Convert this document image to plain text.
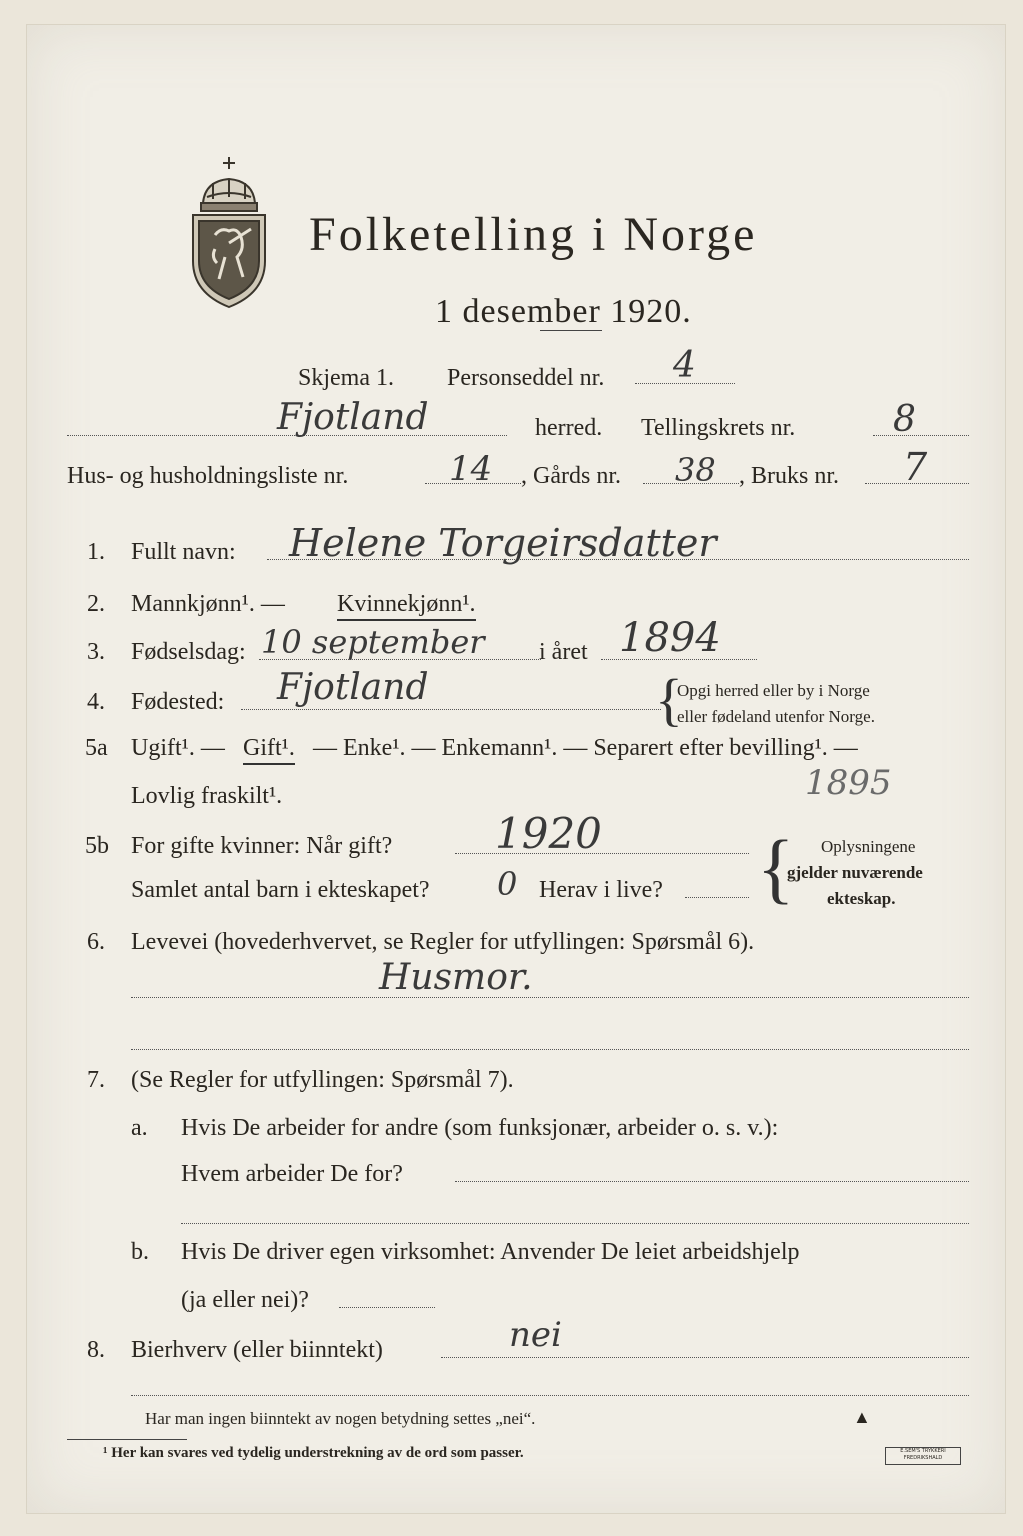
Folketelling i Norge
1 desember 1920.
Skjema 1. Personseddel nr. 4
Fjotland	herred. Tellingskrets nr.	8
Hus- og husholdningsliste nr.	14 , Gårds nr. 38 , Bruks nr. 7
1. Fullt navn: Helene Torgeirsdatter
2. Mannkjønn¹. — Kvinnekjønn¹.
3. Fødselsdag: 10 september i året 1894
4. Fødested: Fjotland	{
Opgi herred eller by i Norge
eller fødeland utenfor Norge.
5a Ugift¹. — Gift¹. — Enke¹. — Enkemann¹. — Separert efter bevilling¹. —
Lovlig fraskilt¹.	1895
5b For gifte kvinner: Når gift? 1920
Samlet antal barn i ekteskapet? 0 Herav i live? { Oplysningene
gjelder nuværende
ekteskap.
6. Levevei (hovederhvervet, se Regler for utfyllingen: Spørsmål 6).
Husmor.
7. (Se Regler for utfyllingen: Spørsmål 7).
a. Hvis De arbeider for andre (som funksjonær, arbeider o. s. v.):
Hvem arbeider De for?
b. Hvis De driver egen virksomhet: Anvender De leiet arbeidshjelp
(ja eller nei)?
8. Bierhverv (eller biinntekt)	nei
Har man ingen biinntekt av nogen betydning settes „nei“.	▲
¹ Her kan svares ved tydelig understrekning av de ord som passer.	E.SEM'S TRYKKERI FREDRIKSHALD
